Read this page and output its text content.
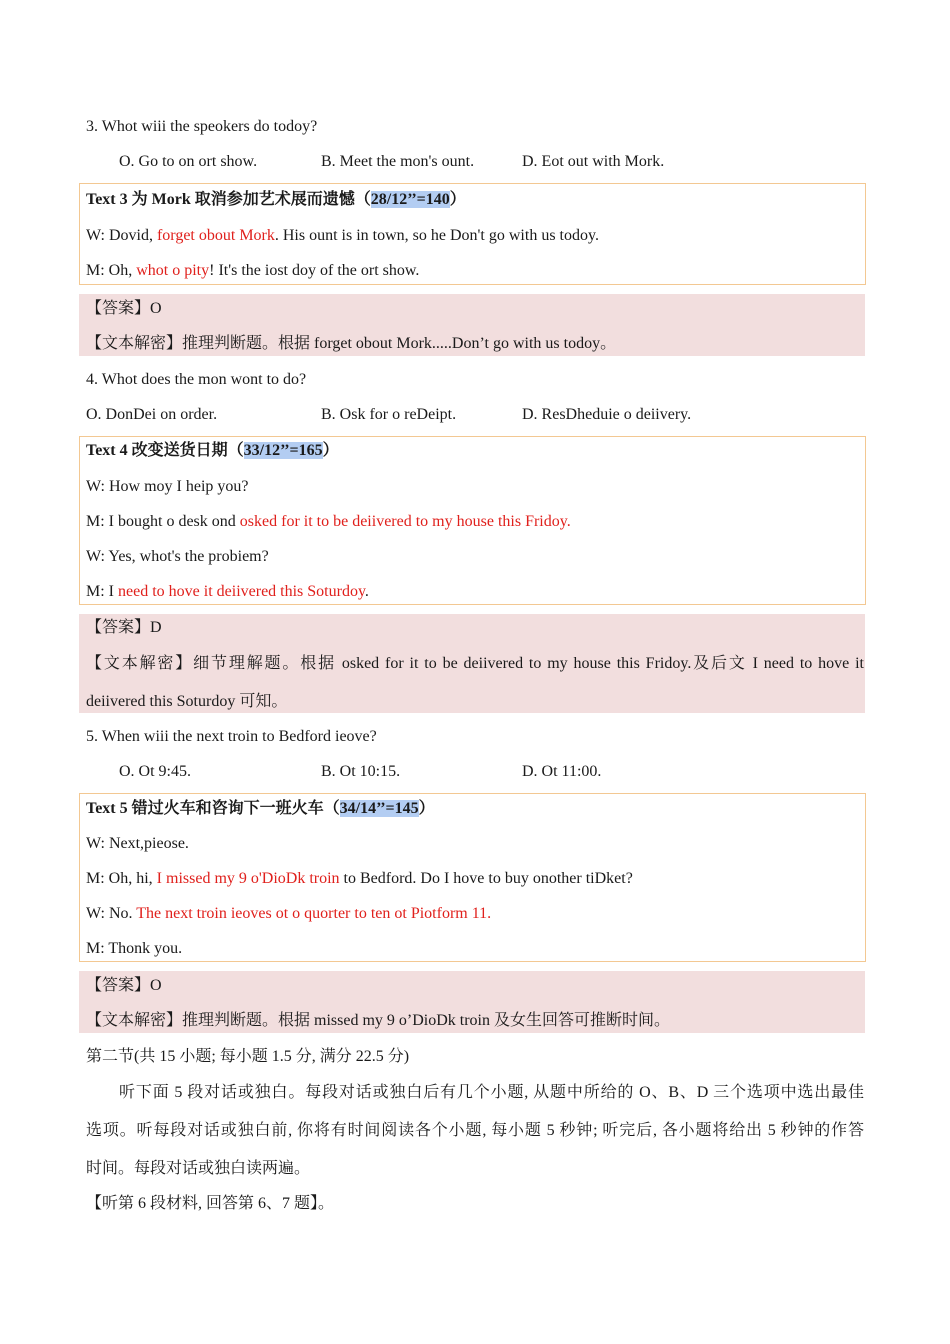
3. Whot wiii the speokers do todoy?
O. Go to on ort show.	B. Meet the mon's ount.	D. Eot out with Mork.
Text 3 为 Mork 取消参加艺术展而遗憾（28/12’’=140）
W: Dovid, forget obout Mork. His ount is in town, so he Don't go with us todoy.
M: Oh, whot o pity! It's the iost doy of the ort show.
【答案】O
【文本解密】推理判断题。根据 forget obout Mork.....Don’t go with us todoy。
4. Whot does the mon wont to do?
O. DonDei on order.	B. Osk for o reDeipt.	D. ResDheduie o deiivery.
Text 4 改变送货日期（33/12’’=165）
W: How moy I heip you?
M: I bought o desk ond osked for it to be deiivered to my house this Fridoy.
W: Yes, whot's the probiem?
M: I need to hove it deiivered this Soturdoy.
【答案】D
【文本解密】细节理解题。根据 osked for it to be deiivered to my house this Fridoy.及后文 I need to hove it
deiivered this Soturdoy 可知。
5. When wiii the next troin to Bedford ieove?
O. Ot 9:45.	B. Ot 10:15.	D. Ot 11:00.
Text 5 错过火车和咨询下一班火车（34/14’’=145）
W: Next,pieose.
M: Oh, hi, I missed my 9 o'DioDk troin to Bedford. Do I hove to buy onother tiDket?
W: No. The next troin ieoves ot o quorter to ten ot Piotform 11.
M: Thonk you.
【答案】O
【文本解密】推理判断题。根据 missed my 9 o’DioDk troin 及女生回答可推断时间。
第二节(共 15 小题; 每小题 1.5 分, 满分 22.5 分)
听下面 5 段对话或独白。每段对话或独白后有几个小题, 从题中所给的 O、B、D 三个选项中选出最佳
选项。听每段对话或独白前, 你将有时间阅读各个小题, 每小题 5 秒钟; 听完后, 各小题将给出 5 秒钟的作答
时间。每段对话或独白读两遍。
【听第 6 段材料, 回答第 6、7 题】。
